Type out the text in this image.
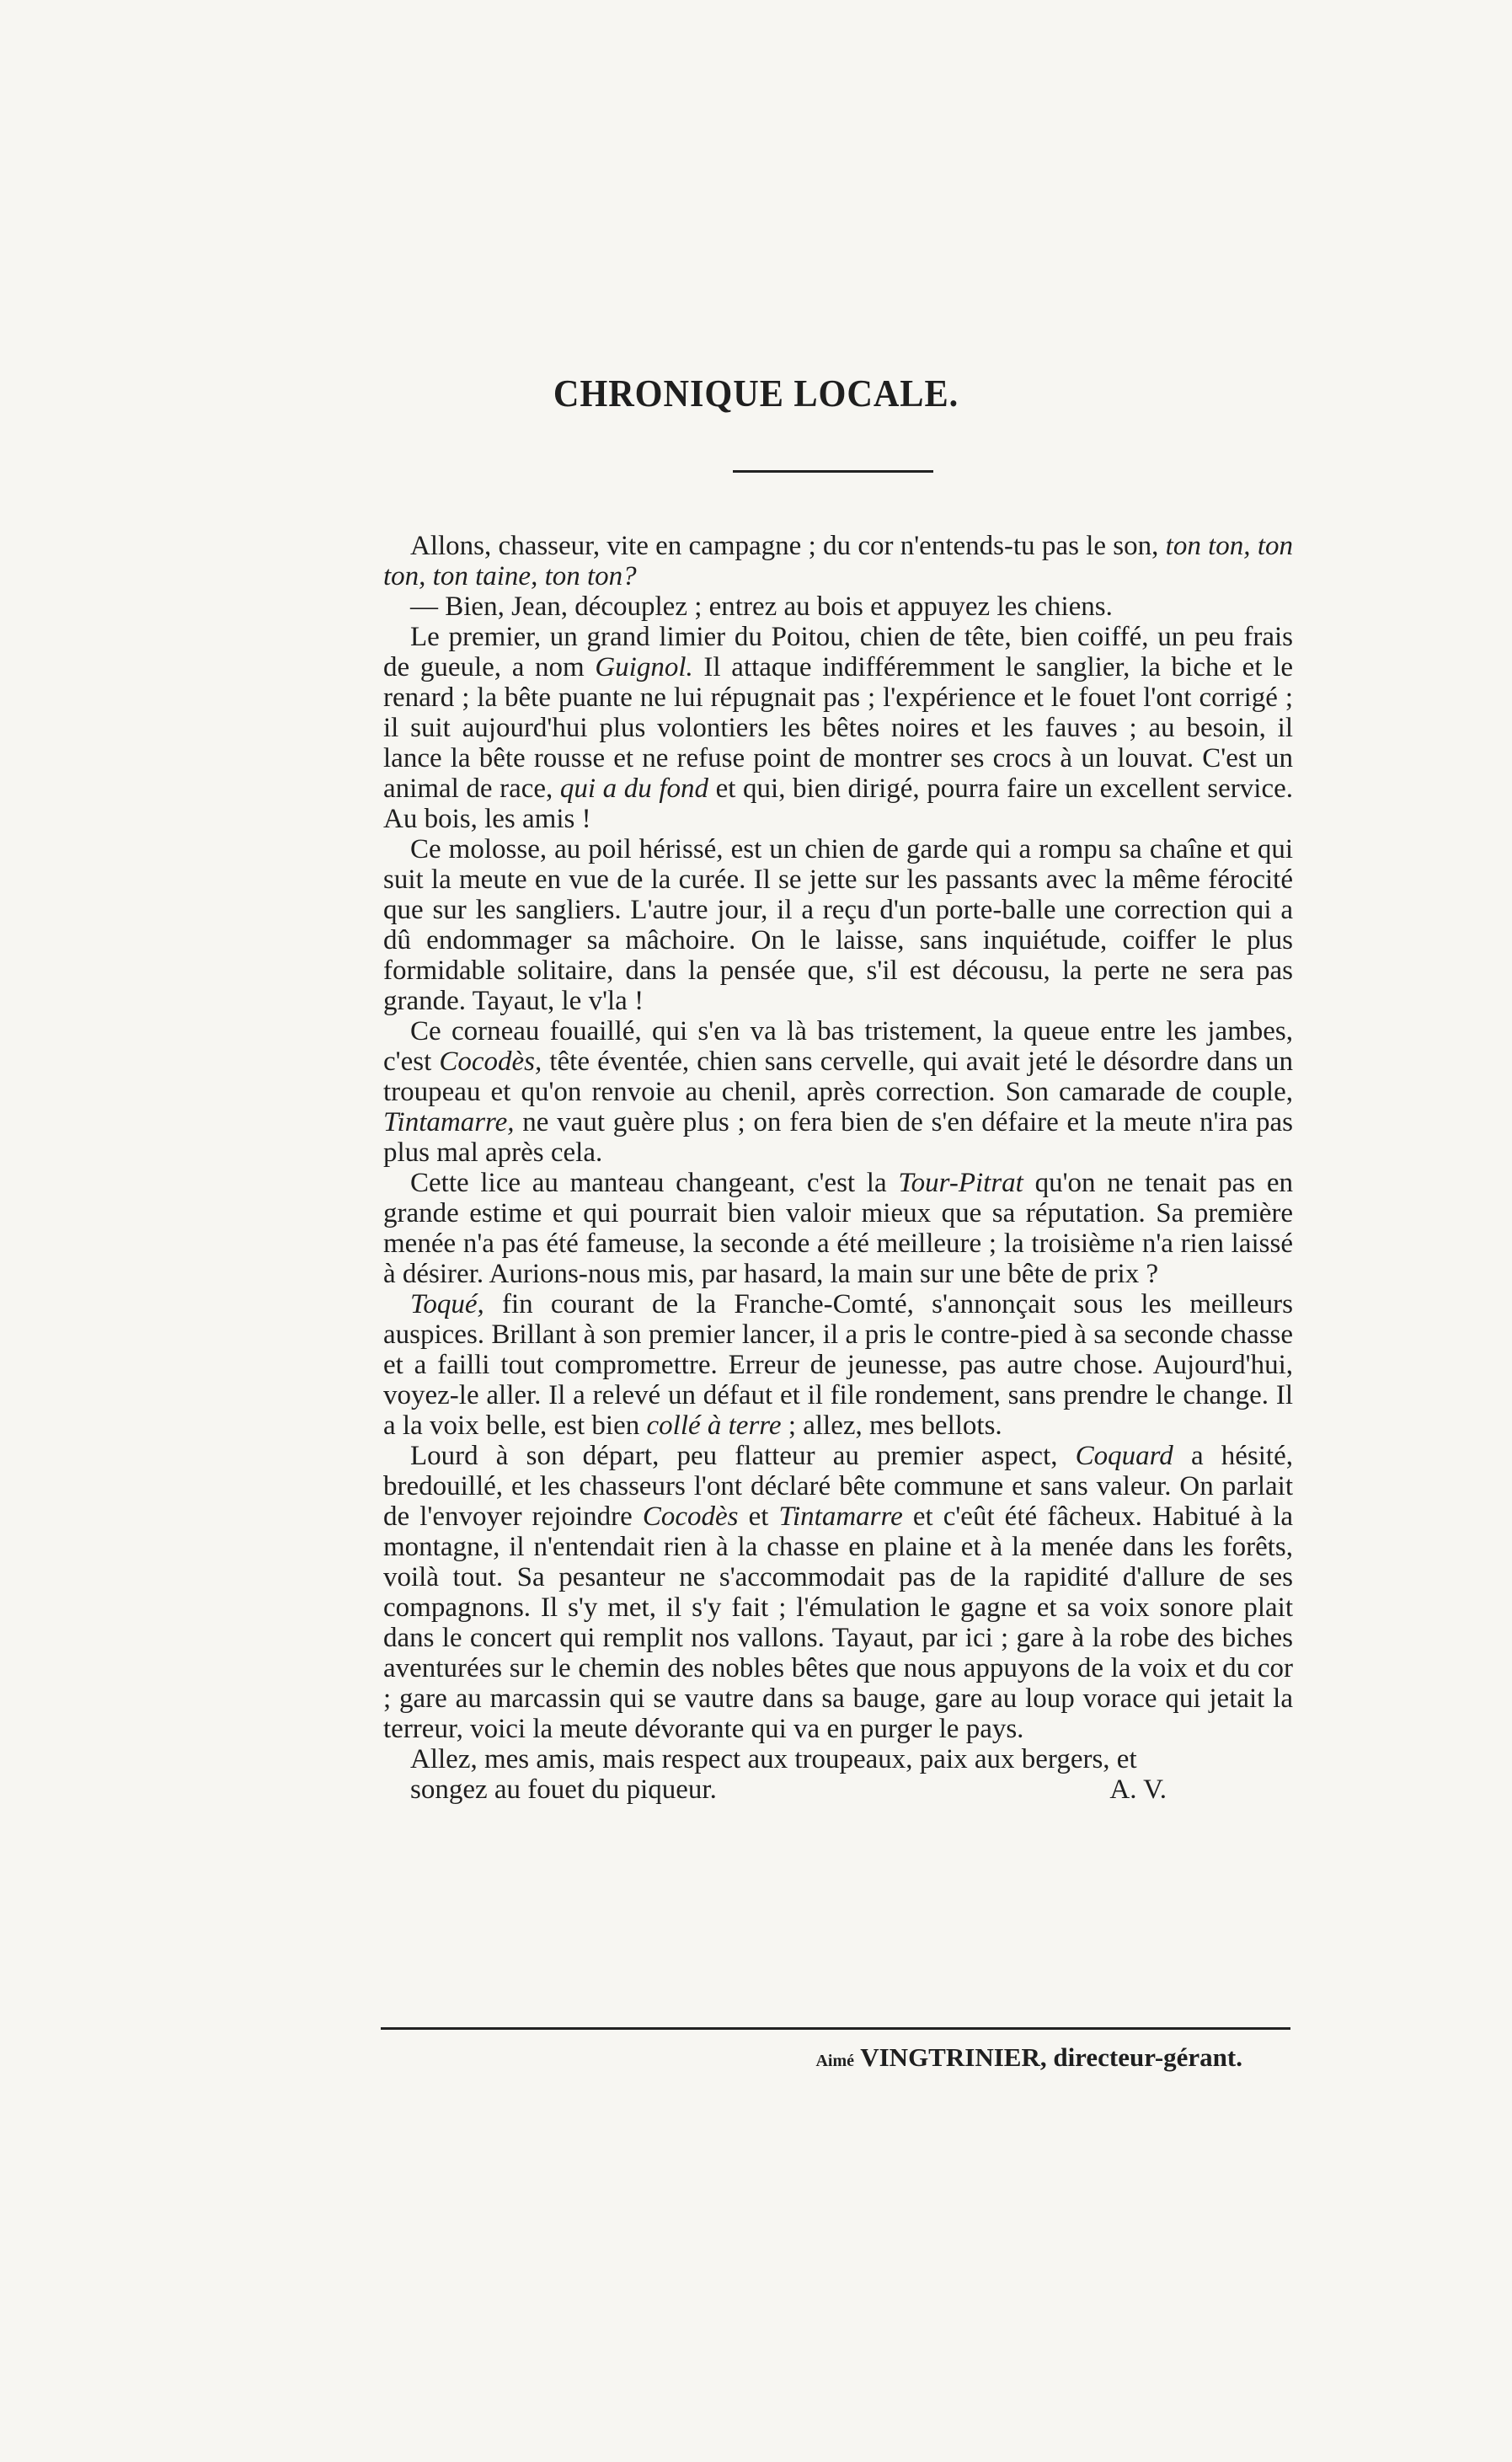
CHRONIQUE LOCALE.

Allons, chasseur, vite en campagne ; du cor n'entends-tu pas le son, ton ton, ton ton, ton taine, ton ton?

— Bien, Jean, découplez ; entrez au bois et appuyez les chiens.

Le premier, un grand limier du Poitou, chien de tête, bien coiffé, un peu frais de gueule, a nom Guignol. Il attaque indifféremment le sanglier, la biche et le renard ; la bête puante ne lui répugnait pas ; l'expérience et le fouet l'ont corrigé ; il suit aujourd'hui plus volontiers les bêtes noires et les fauves ; au besoin, il lance la bête rousse et ne refuse point de montrer ses crocs à un louvat. C'est un animal de race, qui a du fond et qui, bien dirigé, pourra faire un excellent service. Au bois, les amis !

Ce molosse, au poil hérissé, est un chien de garde qui a rompu sa chaîne et qui suit la meute en vue de la curée. Il se jette sur les passants avec la même férocité que sur les sangliers. L'autre jour, il a reçu d'un porte-balle une correction qui a dû endommager sa mâchoire. On le laisse, sans inquiétude, coiffer le plus formidable solitaire, dans la pensée que, s'il est décousu, la perte ne sera pas grande. Tayaut, le v'la !

Ce corneau fouaillé, qui s'en va là bas tristement, la queue entre les jambes, c'est Cocodès, tête éventée, chien sans cervelle, qui avait jeté le désordre dans un troupeau et qu'on renvoie au chenil, après correction. Son camarade de couple, Tintamarre, ne vaut guère plus ; on fera bien de s'en défaire et la meute n'ira pas plus mal après cela.

Cette lice au manteau changeant, c'est la Tour-Pitrat qu'on ne tenait pas en grande estime et qui pourrait bien valoir mieux que sa réputation. Sa première menée n'a pas été fameuse, la seconde a été meilleure ; la troisième n'a rien laissé à désirer. Aurions-nous mis, par hasard, la main sur une bête de prix ?

Toqué, fin courant de la Franche-Comté, s'annonçait sous les meilleurs auspices. Brillant à son premier lancer, il a pris le contre-pied à sa seconde chasse et a failli tout compromettre. Erreur de jeunesse, pas autre chose. Aujourd'hui, voyez-le aller. Il a relevé un défaut et il file rondement, sans prendre le change. Il a la voix belle, est bien collé à terre ; allez, mes bellots.

Lourd à son départ, peu flatteur au premier aspect, Coquard a hésité, bredouillé, et les chasseurs l'ont déclaré bête commune et sans valeur. On parlait de l'envoyer rejoindre Cocodès et Tintamarre et c'eût été fâcheux. Habitué à la montagne, il n'entendait rien à la chasse en plaine et à la menée dans les forêts, voilà tout. Sa pesanteur ne s'accommodait pas de la rapidité d'allure de ses compagnons. Il s'y met, il s'y fait ; l'émulation le gagne et sa voix sonore plait dans le concert qui remplit nos vallons. Tayaut, par ici ; gare à la robe des biches aventurées sur le chemin des nobles bêtes que nous appuyons de la voix et du cor ; gare au marcassin qui se vautre dans sa bauge, gare au loup vorace qui jetait la terreur, voici la meute dévorante qui va en purger le pays.

Allez, mes amis, mais respect aux troupeaux, paix aux bergers, et

songez au fouet du piqueur.	A. V.

Aimé VINGTRINIER, directeur-gérant.
